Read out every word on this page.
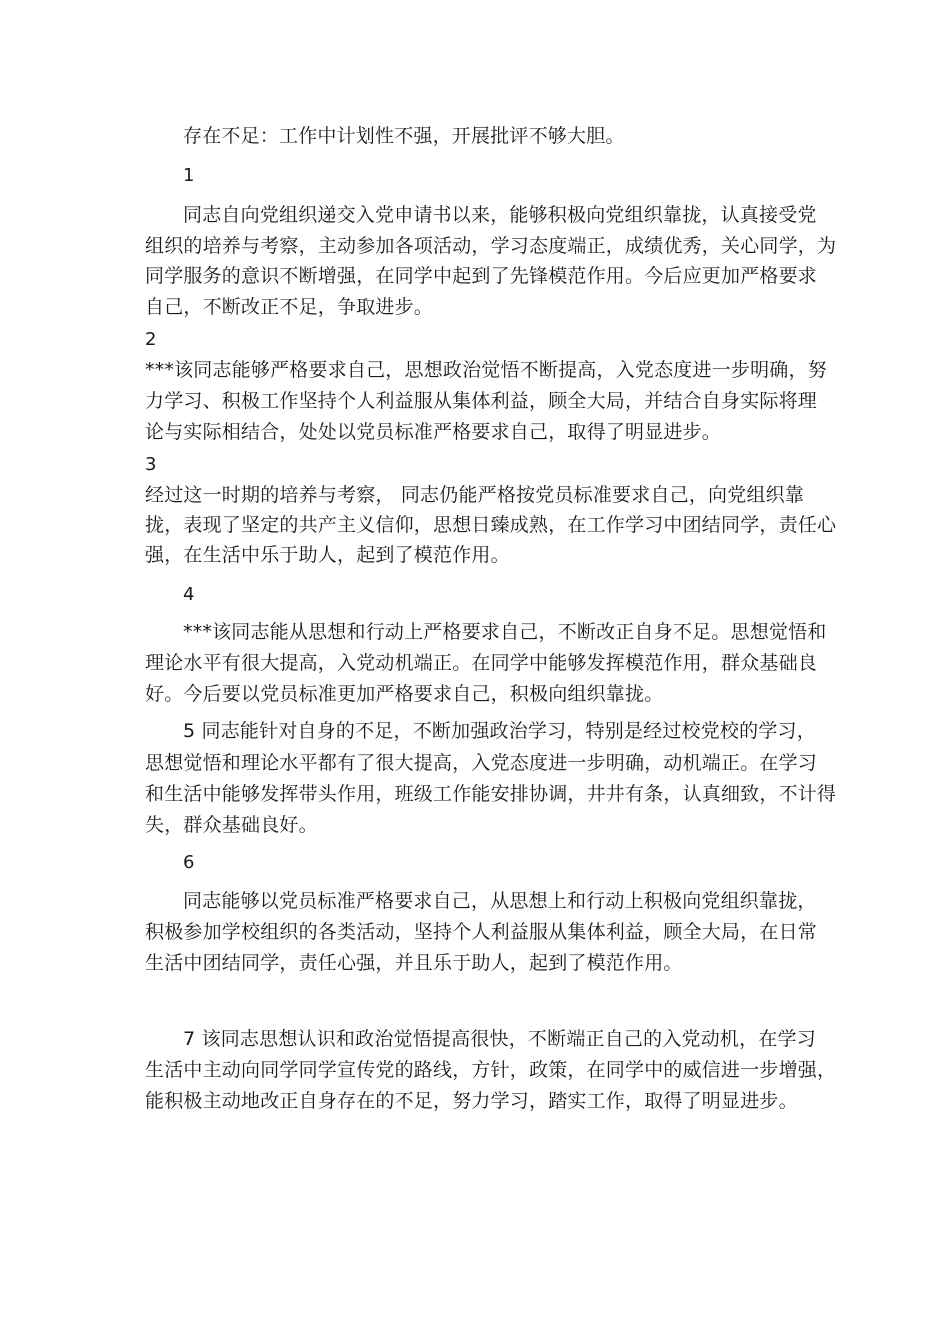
存在不足：工作中计划性不强，开展批评不够大胆。
1
同志自向党组织递交入党申请书以来，能够积极向党组织靠拢，认真接受党
组织的培养与考察，主动参加各项活动，学习态度端正，成绩优秀，关心同学，为
同学服务的意识不断增强，在同学中起到了先锋模范作用。今后应更加严格要求
自己，不断改正不足，争取进步。
2
***该同志能够严格要求自己，思想政治觉悟不断提高，入党态度进一步明确，努
力学习、积极工作坚持个人利益服从集体利益，顾全大局，并结合自身实际将理
论与实际相结合，处处以党员标准严格要求自己，取得了明显进步。
3
经过这一时期的培养与考察， 同志仍能严格按党员标准要求自己，向党组织靠
拢，表现了坚定的共产主义信仰，思想日臻成熟，在工作学习中团结同学，责任心
强，在生活中乐于助人，起到了模范作用。
4
***该同志能从思想和行动上严格要求自己，不断改正自身不足。思想觉悟和
理论水平有很大提高，入党动机端正。在同学中能够发挥模范作用，群众基础良
好。今后要以党员标准更加严格要求自己，积极向组织靠拢。
5 同志能针对自身的不足，不断加强政治学习，特别是经过校党校的学习，
思想觉悟和理论水平都有了很大提高，入党态度进一步明确，动机端正。在学习
和生活中能够发挥带头作用，班级工作能安排协调，井井有条，认真细致，不计得
失，群众基础良好。
6
同志能够以党员标准严格要求自己，从思想上和行动上积极向党组织靠拢，
积极参加学校组织的各类活动，坚持个人利益服从集体利益，顾全大局，在日常
生活中团结同学，责任心强，并且乐于助人，起到了模范作用。
7 该同志思想认识和政治觉悟提高很快，不断端正自己的入党动机，在学习
生活中主动向同学同学宣传党的路线，方针，政策，在同学中的威信进一步增强，
能积极主动地改正自身存在的不足，努力学习，踏实工作，取得了明显进步。
